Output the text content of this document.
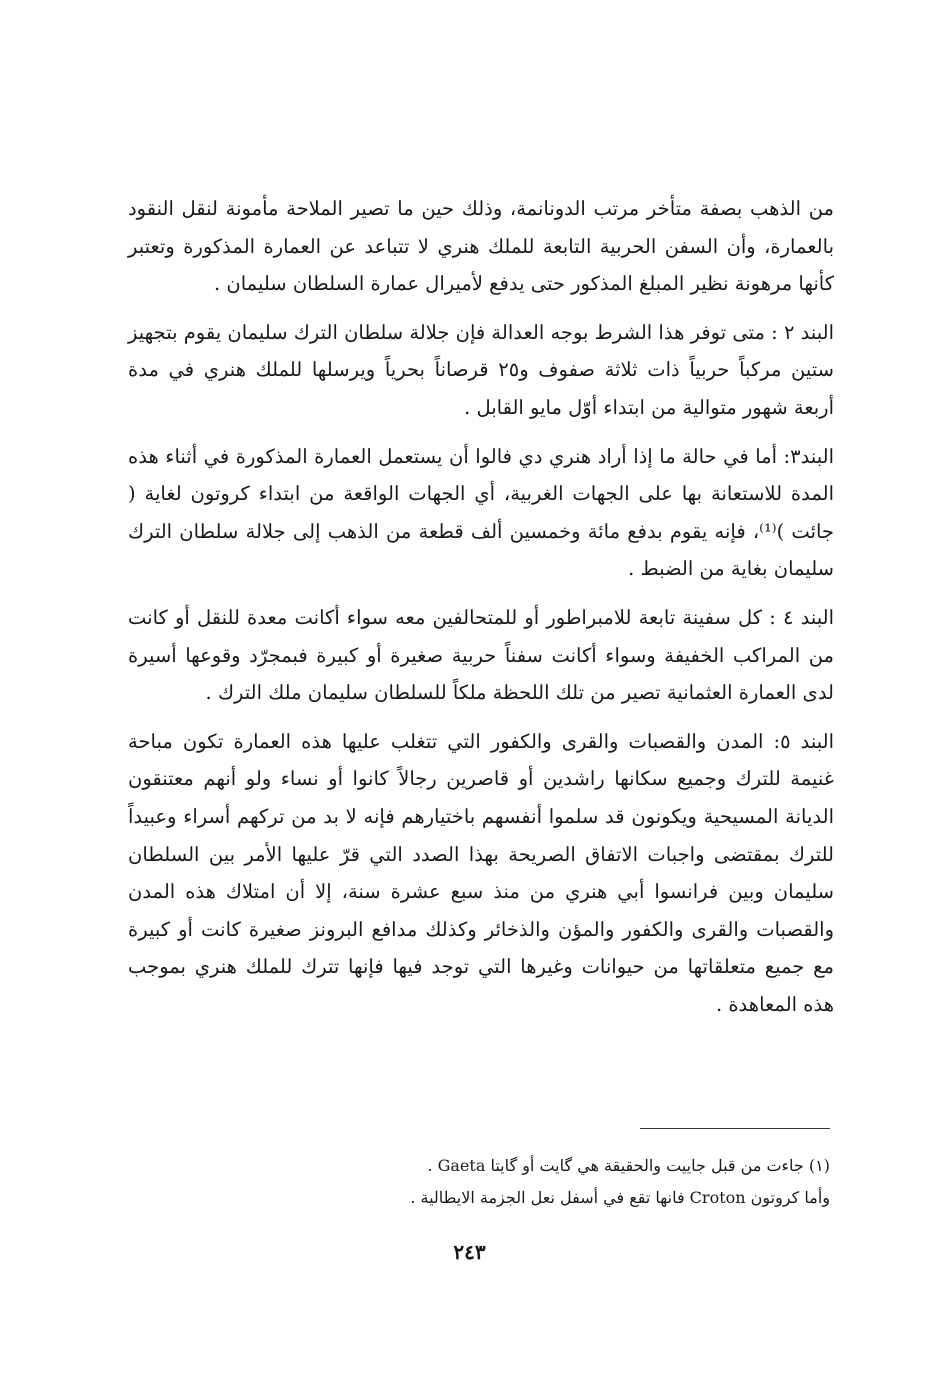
من الذهب بصفة متأخر مرتب الدونانمة، وذلك حين ما تصير الملاحة مأمونة لنقل النقود بالعمارة، وأن السفن الحربية التابعة للملك هنري لا تتباعد عن العمارة المذكورة وتعتبر كأنها مرهونة نظير المبلغ المذكور حتى يدفع لأميرال عمارة السلطان سليمان .

البند ٢ : متى توفر هذا الشرط بوجه العدالة فإن جلالة سلطان الترك سليمان يقوم بتجهيز ستين مركباً حربياً ذات ثلاثة صفوف و٢٥ قرصاناً بحرياً ويرسلها للملك هنري في مدة أربعة شهور متوالية من ابتداء أوّل مايو القابل .

البند٣: أما في حالة ما إذا أراد هنري دي فالوا أن يستعمل العمارة المذكورة في أثناء هذه المدة للاستعانة بها على الجهات الغربية، أي الجهات الواقعة من ابتداء كروتون لغاية ( جائت )⁽¹⁾، فإنه يقوم بدفع مائة وخمسين ألف قطعة من الذهب إلى جلالة سلطان الترك سليمان بغاية من الضبط .

البند ٤ : كل سفينة تابعة للامبراطور أو للمتحالفين معه سواء أكانت معدة للنقل أو كانت من المراكب الخفيفة وسواء أكانت سفناً حربية صغيرة أو كبيرة فبمجرّد وقوعها أسيرة لدى العمارة العثمانية تصير من تلك اللحظة ملكاً للسلطان سليمان ملك الترك .

البند ٥: المدن والقصبات والقرى والكفور التي تتغلب عليها هذه العمارة تكون مباحة غنيمة للترك وجميع سكانها راشدين أو قاصرين رجالاً كانوا أو نساء ولو أنهم معتنقون الديانة المسيحية ويكونون قد سلموا أنفسهم باختيارهم فإنه لا بد من تركهم أسراء وعبيداً للترك بمقتضى واجبات الاتفاق الصريحة بهذا الصدد التي قرّ عليها الأمر بين السلطان سليمان وبين فرانسوا أبي هنري من منذ سبع عشرة سنة، إلا أن امتلاك هذه المدن والقصبات والقرى والكفور والمؤن والذخائر وكذلك مدافع البرونز صغيرة كانت أو كبيرة مع جميع متعلقاتها من حيوانات وغيرها التي توجد فيها فإنها تترك للملك هنري بموجب هذه المعاهدة .

(١) جاءت من قبل جاييت والحقيقة هي گايت أو گايتا Gaeta .

وأما كروتون Croton فانها تقع في أسفل نعل الجزمة الايطالية .

٢٤٣
